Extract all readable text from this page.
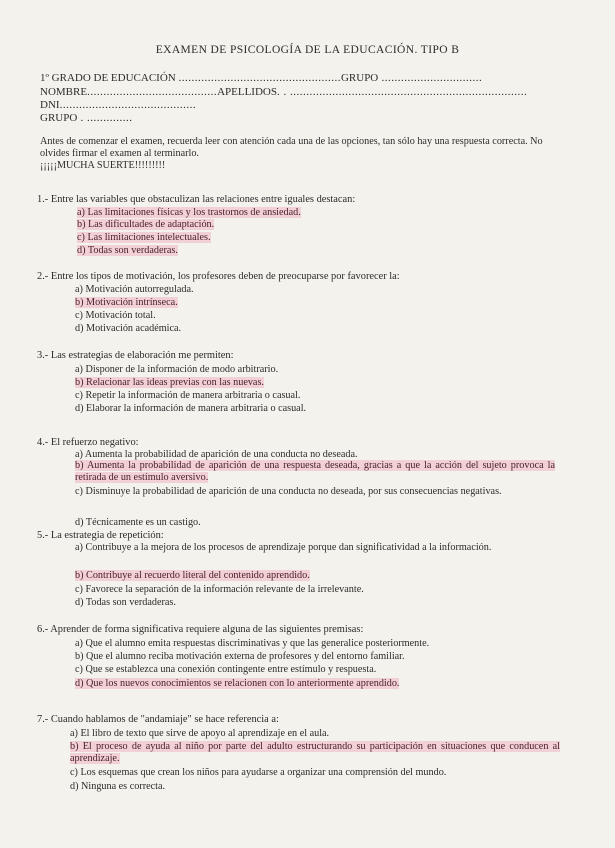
EXAMEN DE PSICOLOGÍA DE LA EDUCACIÓN. TIPO B
1º GRADO DE EDUCACIÓN ..................................................GRUPO ...............................
NOMBRE........................................APELLIDOS. . .........................................................................
DNI..........................................
GRUPO . ..............
Antes de comenzar el examen, recuerda leer con atención cada una de las opciones, tan sólo hay una respuesta correcta. No olvides firmar el examen al terminarlo.
¡¡¡¡¡MUCHA SUERTE!!!!!!!!!
1.- Entre las variables que obstaculizan las relaciones entre iguales destacan:
a) Las limitaciones físicas y los trastornos de ansiedad.
b) Las dificultades de adaptación.
c) Las limitaciones intelectuales.
d) Todas son verdaderas.
2.- Entre los tipos de motivación, los profesores deben de preocuparse por favorecer la:
a) Motivación autorregulada.
b) Motivación intrínseca.
c) Motivación total.
d) Motivación académica.
3.- Las estrategias de elaboración me permiten:
a) Disponer de la información de modo arbitrario.
b) Relacionar las ideas previas con las nuevas.
c) Repetir la información de manera arbitraria o casual.
d) Elaborar la información de manera arbitraria o casual.
4.- El refuerzo negativo:
a) Aumenta la probabilidad de aparición de una conducta no deseada.
b) Aumenta la probabilidad de aparición de una respuesta deseada, gracias a que la acción del sujeto provoca la retirada de un estímulo aversivo.
c) Disminuye la probabilidad de aparición de una conducta no deseada, por sus consecuencias negativas.
d) Técnicamente es un castigo.
5.- La estrategia de repetición:
a) Contribuye a la mejora de los procesos de aprendizaje porque dan significatividad a la información.
b) Contribuye al recuerdo literal del contenido aprendido.
c) Favorece la separación de la información relevante de la irrelevante.
d) Todas son verdaderas.
6.- Aprender de forma significativa requiere alguna de las siguientes premisas:
a) Que el alumno emita respuestas discriminativas y que las generalice posteriormente.
b) Que el alumno reciba motivación externa de profesores y del entorno familiar.
c) Que se establezca una conexión contingente entre estímulo y respuesta.
d) Que los nuevos conocimientos se relacionen con lo anteriormente aprendido.
7.- Cuando hablamos de "andamiaje" se hace referencia a:
a) El libro de texto que sirve de apoyo al aprendizaje en el aula.
b) El proceso de ayuda al niño por parte del adulto estructurando su participación en situaciones que conducen al aprendizaje.
c) Los esquemas que crean los niños para ayudarse a organizar una comprensión del mundo.
d) Ninguna es correcta.
